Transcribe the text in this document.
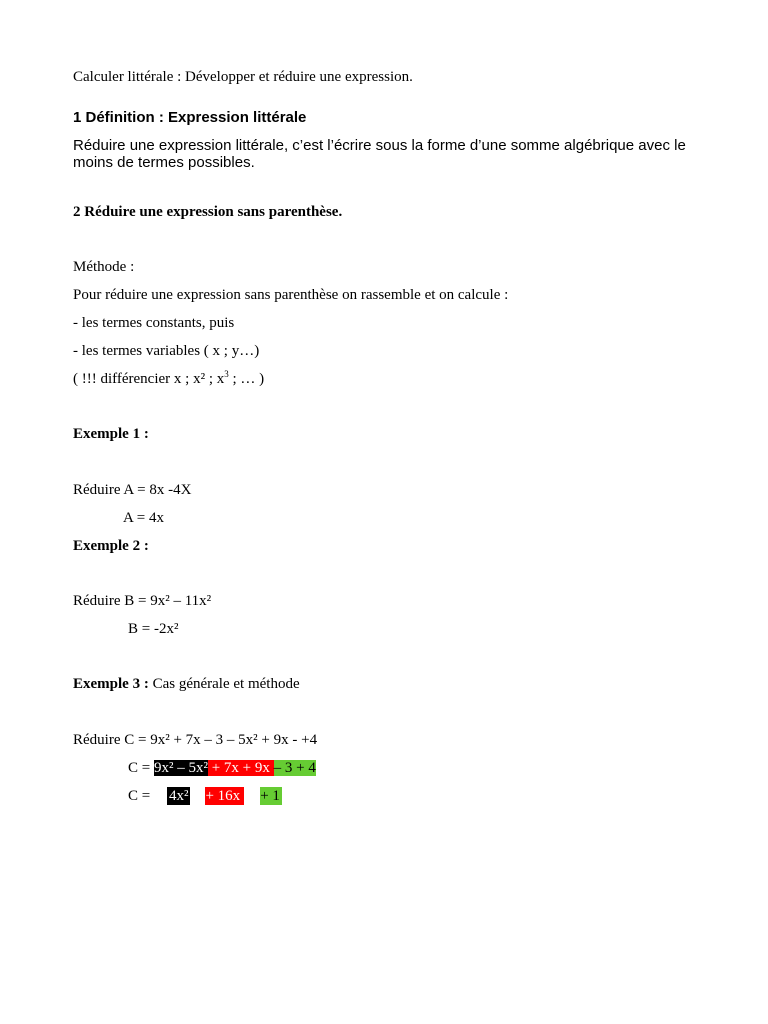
Calculer littérale : Développer et réduire une expression.
1 Définition : Expression littérale
Réduire une expression littérale, c’est l’écrire sous la forme d’une somme algébrique avec le moins de termes possibles.
2 Réduire une expression sans parenthèse.
Méthode :
Pour réduire une expression sans parenthèse on rassemble et on calcule :
- les termes constants, puis
- les termes variables ( x ; y…)
( !!! différencier x ; x² ; $x^3$ ; … )
Exemple 1 :
Réduire A = 8x -4X
A = 4x
Exemple 2 :
Réduire B = 9x² – 11x²
B = -2x²
Exemple 3 : Cas générale et méthode
Réduire C = 9x² + 7x – 3 – 5x² + 9x - +4
C = 9x² – 5x² + 7x + 9x – 3 + 4
C = 4x²+ 16x+ 1
